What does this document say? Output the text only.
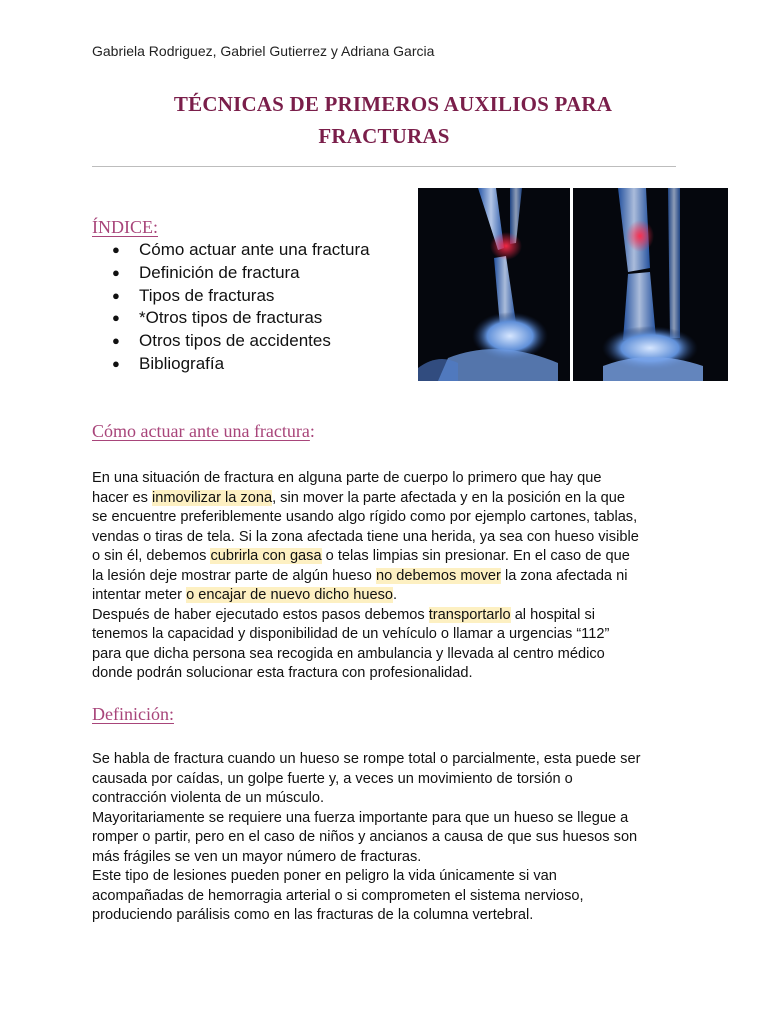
Gabriela Rodriguez, Gabriel Gutierrez y Adriana Garcia
TÉCNICAS DE PRIMEROS AUXILIOS PARA
FRACTURAS
ÍNDICE:
● Cómo actuar ante una fractura
● Definición de fractura
● Tipos de fracturas
● *Otros tipos de fracturas
● Otros tipos de accidentes
● Bibliografía
Cómo actuar ante una fractura:
En una situación de fractura en alguna parte de cuerpo lo primero que hay que
hacer es inmovilizar la zona, sin mover la parte afectada y en la posición en la que
se encuentre preferiblemente usando algo rígido como por ejemplo cartones, tablas,
vendas o tiras de tela. Si la zona afectada tiene una herida, ya sea con hueso visible
o sin él, debemos cubrirla con gasa o telas limpias sin presionar. En el caso de que
la lesión deje mostrar parte de algún hueso no debemos mover la zona afectada ni
intentar meter o encajar de nuevo dicho hueso.
Después de haber ejecutado estos pasos debemos transportarlo al hospital si
tenemos la capacidad y disponibilidad de un vehículo o llamar a urgencias “112”
para que dicha persona sea recogida en ambulancia y llevada al centro médico
donde podrán solucionar esta fractura con profesionalidad.
Definición:
Se habla de fractura cuando un hueso se rompe total o parcialmente, esta puede ser
causada por caídas, un golpe fuerte y, a veces un movimiento de torsión o
contracción violenta de un músculo.
Mayoritariamente se requiere una fuerza importante para que un hueso se llegue a
romper o partir, pero en el caso de niños y ancianos a causa de que sus huesos son
más frágiles se ven un mayor número de fracturas.
Este tipo de lesiones pueden poner en peligro la vida únicamente si van
acompañadas de hemorragia arterial o si comprometen el sistema nervioso,
produciendo parálisis como en las fracturas de la columna vertebral.
